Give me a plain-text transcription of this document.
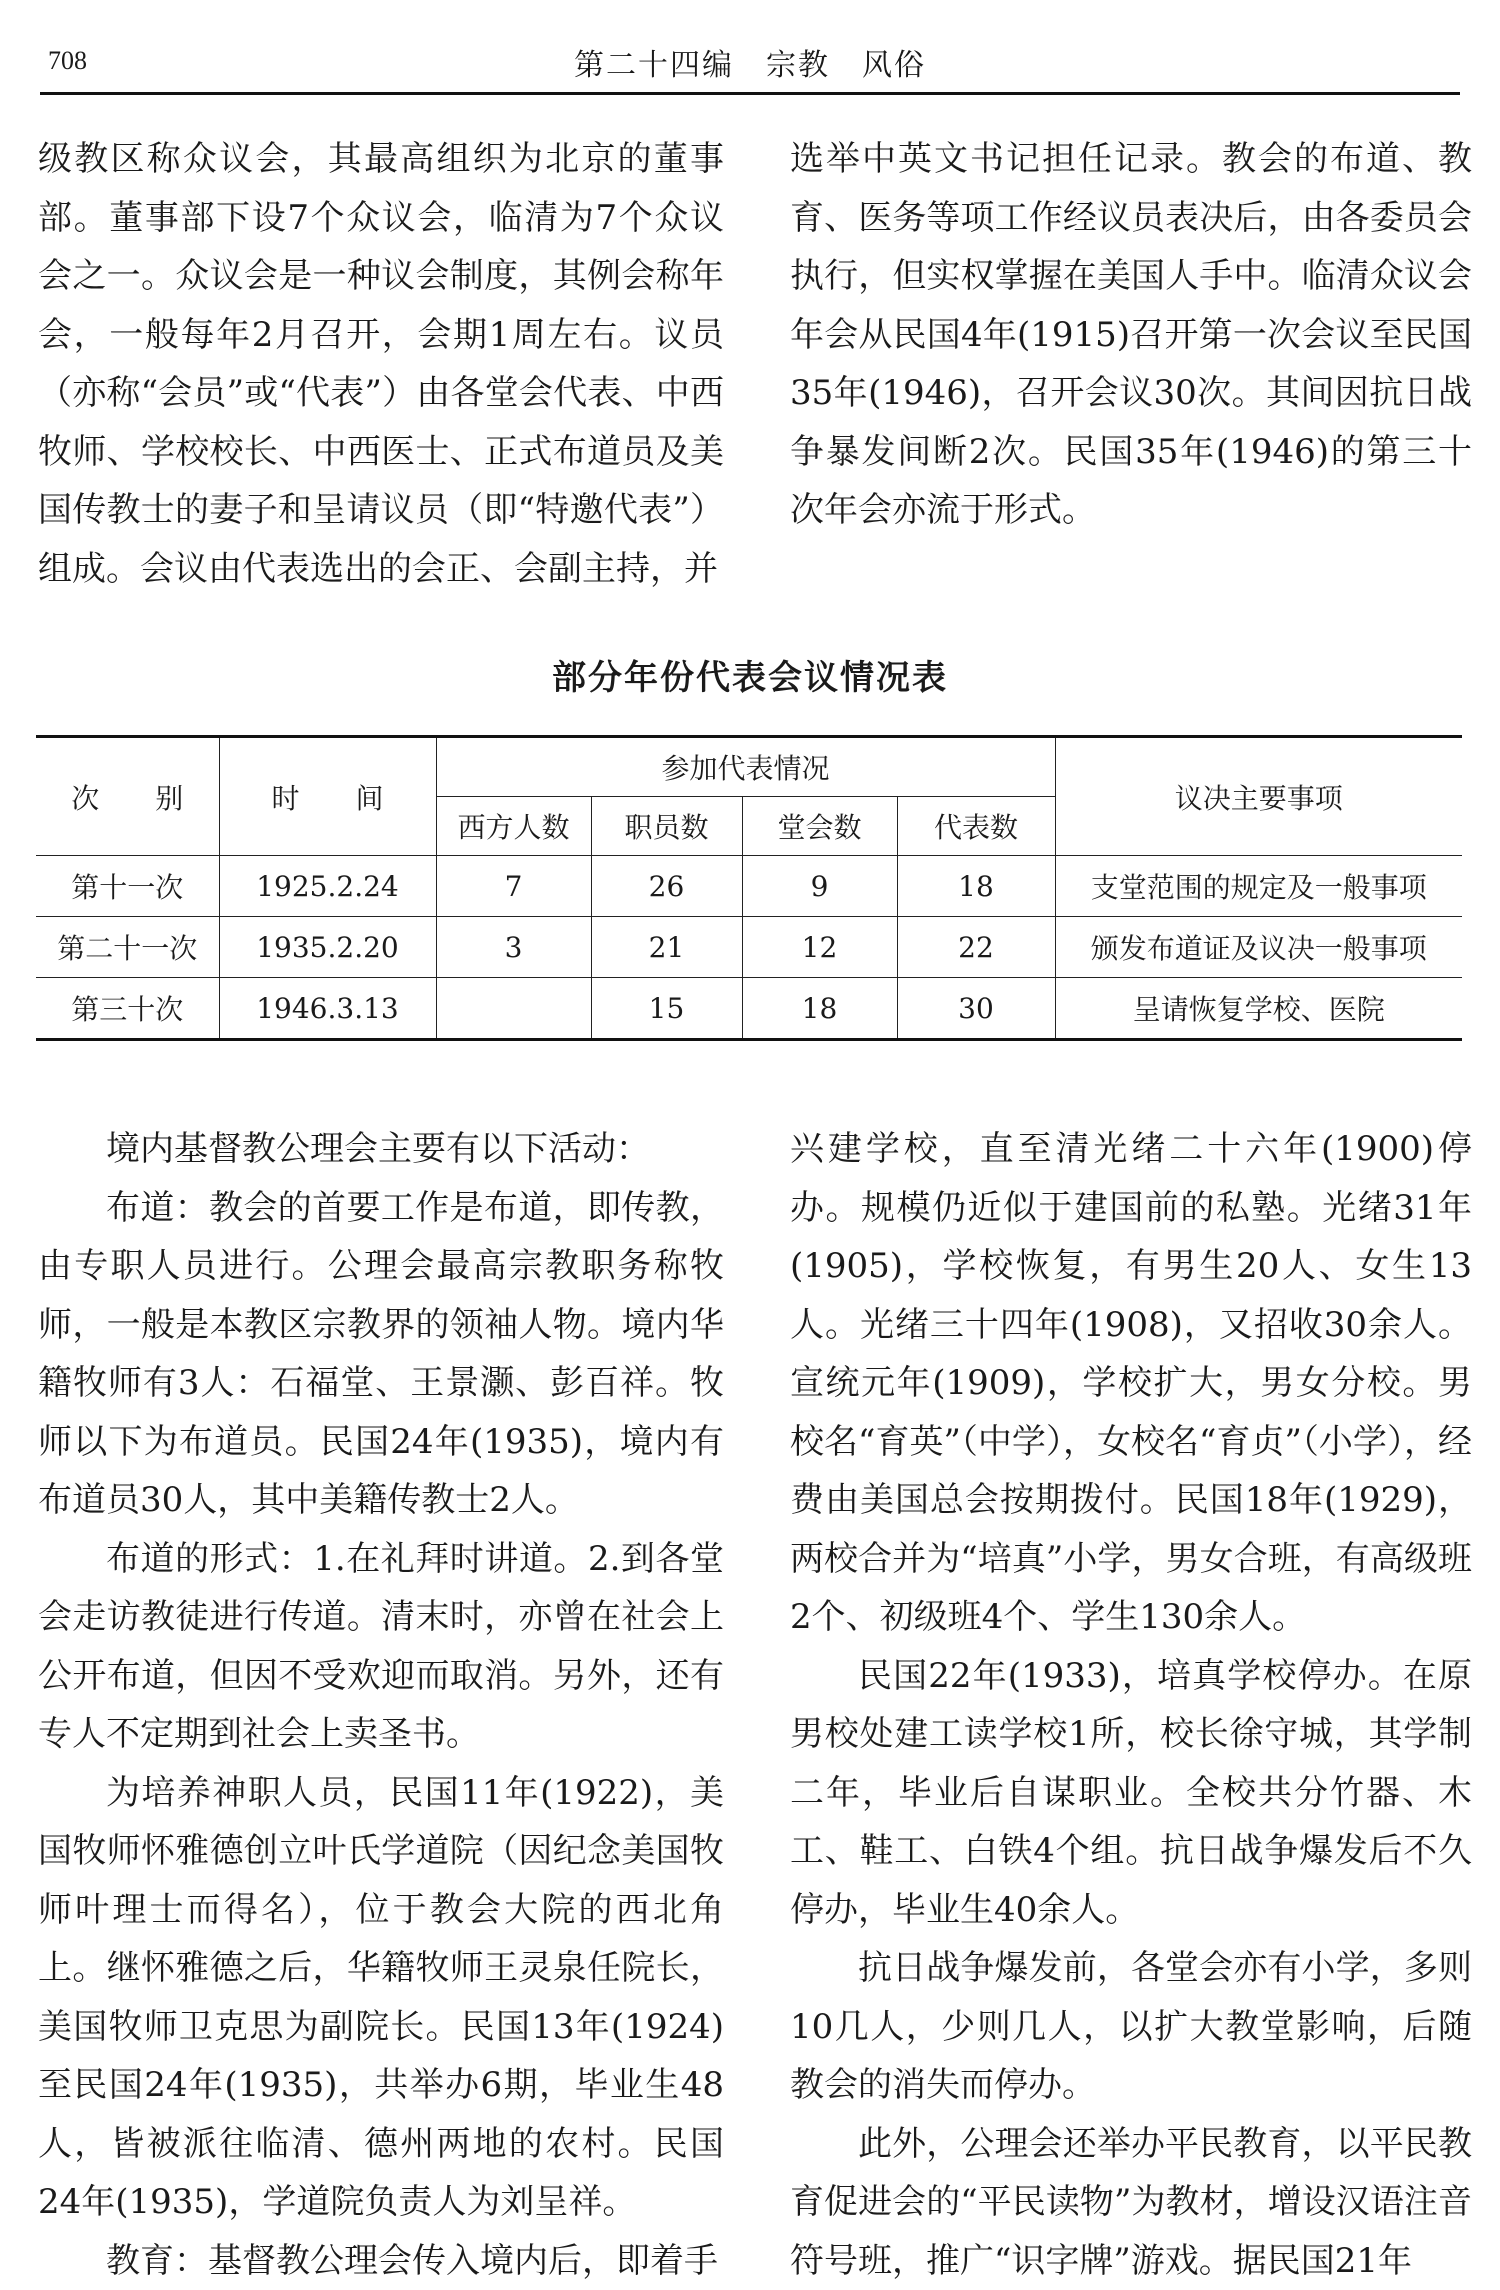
708	第二十四编　宗教　风俗

级教区称众议会，其最高组织为北京的董事部。董事部下设7个众议会，临清为7个众议会之一。众议会是一种议会制度，其例会称年会，一般每年2月召开，会期1周左右。议员（亦称“会员”或“代表”）由各堂会代表、中西牧师、学校校长、中西医士、正式布道员及美国传教士的妻子和呈请议员（即“特邀代表”）组成。会议由代表选出的会正、会副主持，并

选举中英文书记担任记录。教会的布道、教育、医务等项工作经议员表决后，由各委员会执行，但实权掌握在美国人手中。临清众议会年会从民国4年(1915)召开第一次会议至民国35年(1946)，召开会议30次。其间因抗日战争暴发间断2次。民国35年(1946)的第三十次年会亦流于形式。

部分年份代表会议情况表
次　　别	时　　间	参加代表情况				议决主要事项
		西方人数	职员数	堂会数	代表数	
第十一次	1925.2.24	7	26	9	18	支堂范围的规定及一般事项
第二十一次	1935.2.20	3	21	12	22	颁发布道证及议决一般事项
第三十次	1946.3.13		15	18	30	呈请恢复学校、医院

境内基督教公理会主要有以下活动：

布道：教会的首要工作是布道，即传教，由专职人员进行。公理会最高宗教职务称牧师，一般是本教区宗教界的领袖人物。境内华籍牧师有3人：石福堂、王景灏、彭百祥。牧师以下为布道员。民国24年(1935)，境内有布道员30人，其中美籍传教士2人。

布道的形式：1.在礼拜时讲道。2.到各堂会走访教徒进行传道。清末时，亦曾在社会上公开布道，但因不受欢迎而取消。另外，还有专人不定期到社会上卖圣书。

为培养神职人员，民国11年(1922)，美国牧师怀雅德创立叶氏学道院（因纪念美国牧师叶理士而得名），位于教会大院的西北角上。继怀雅德之后，华籍牧师王灵泉任院长，美国牧师卫克思为副院长。民国13年(1924)至民国24年(1935)，共举办6期，毕业生48人，皆被派往临清、德州两地的农村。民国24年(1935)，学道院负责人为刘呈祥。

教育：基督教公理会传入境内后，即着手

兴建学校，直至清光绪二十六年(1900)停办。规模仍近似于建国前的私塾。光绪31年(1905)，学校恢复，有男生20人、女生13人。光绪三十四年(1908)，又招收30余人。宣统元年(1909)，学校扩大，男女分校。男校名“育英”（中学），女校名“育贞”（小学），经费由美国总会按期拨付。民国18年(1929)，两校合并为“培真”小学，男女合班，有高级班2个、初级班4个、学生130余人。

民国22年(1933)，培真学校停办。在原男校处建工读学校1所，校长徐守城，其学制二年，毕业后自谋职业。全校共分竹器、木工、鞋工、白铁4个组。抗日战争爆发后不久停办，毕业生40余人。

抗日战争爆发前，各堂会亦有小学，多则10几人，少则几人，以扩大教堂影响，后随教会的消失而停办。

此外，公理会还举办平民教育，以平民教育促进会的“平民读物”为教材，增设汉语注音符号班，推广“识字牌”游戏。据民国21年
